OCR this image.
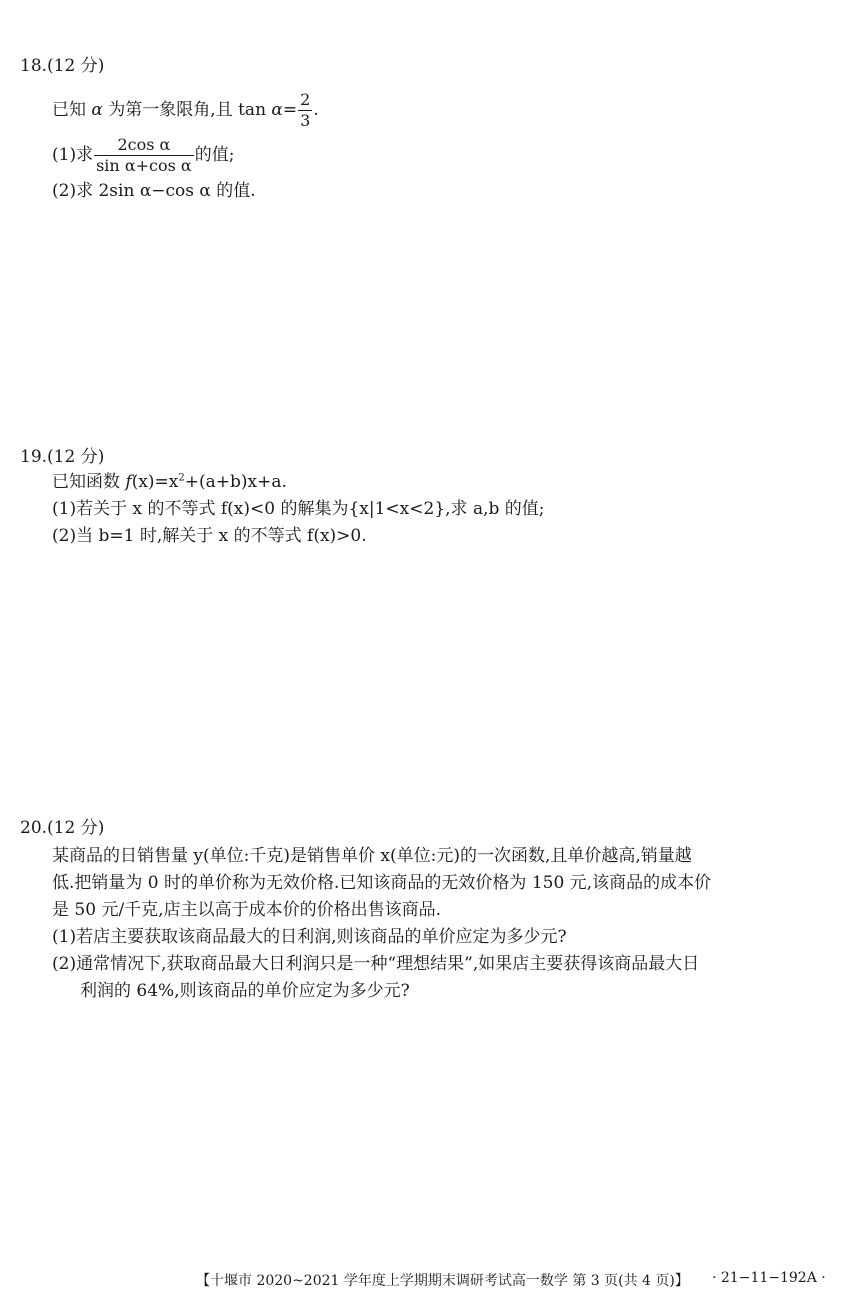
18.(12 分)
已知 α 为第一象限角,且 $\tan \alpha= \frac{2}{3}$ .
(1)求 $\frac{\text{2cos α}}{\text{sin α+cos α}}$ 的值;
(2)求 2sin α−cos α 的值.
19.(12 分)
已知函数 $f(x)=x^2+(a+b)x+a$.
(1)若关于 x 的不等式 f(x)<0 的解集为{x|1<x<2},求 a,b 的值;
(2)当 b=1 时,解关于 x 的不等式 f(x)>0.
20.(12 分)
某商品的日销售量 y(单位:千克)是销售单价 x(单位:元)的一次函数,且单价越高,销量越
低.把销量为 0 时的单价称为无效价格.已知该商品的无效价格为 150 元,该商品的成本价
是 50 元/千克,店主以高于成本价的价格出售该商品.
(1)若店主要获取该商品最大的日利润,则该商品的单价应定为多少元?
(2)通常情况下,获取商品最大日利润只是一种“理想结果”,如果店主要获得该商品最大日
利润的 64%,则该商品的单价应定为多少元?
【十堰市 2020~2021 学年度上学期期末调研考试高一数学 第 3 页(共 4 页)】 · 21−11−192A ·
